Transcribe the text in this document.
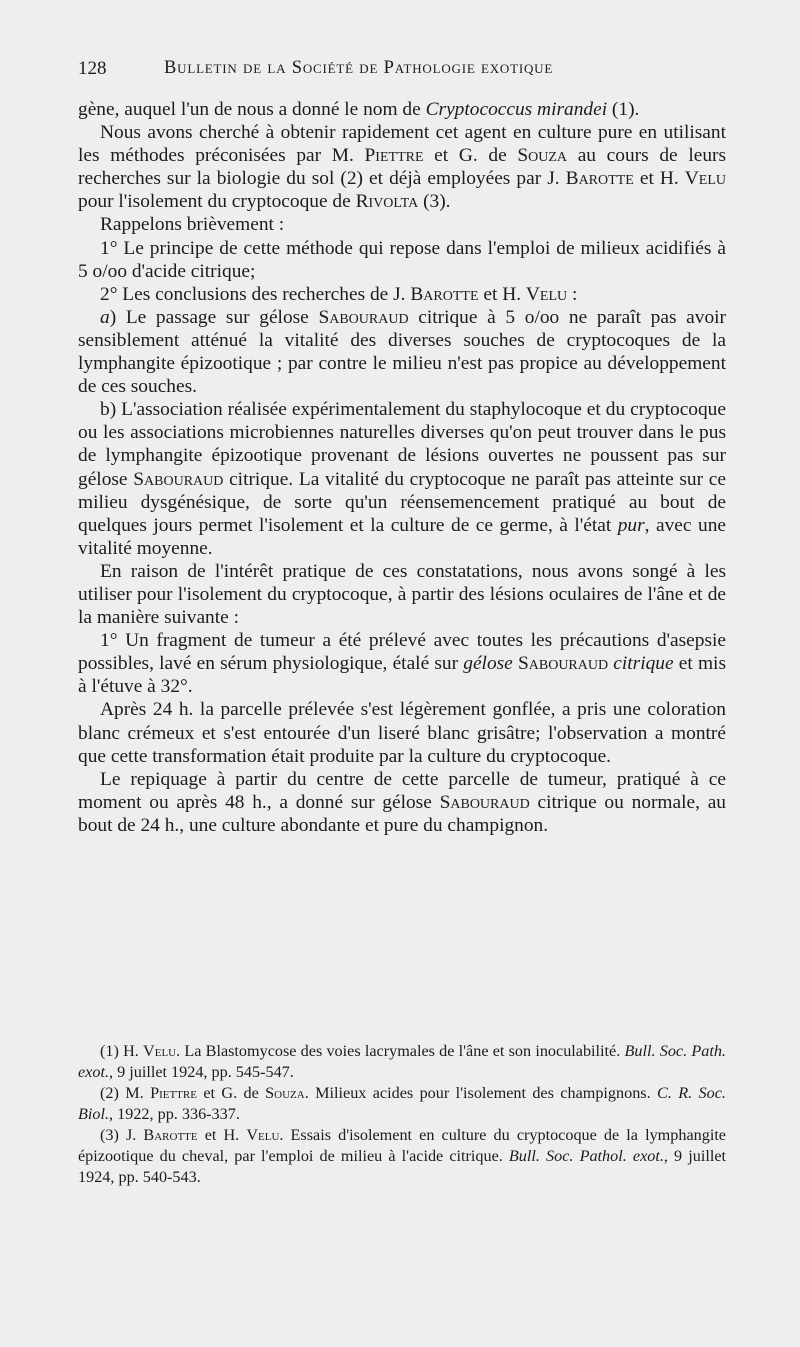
128	Bulletin de la Société de Pathologie exotique

gène, auquel l'un de nous a donné le nom de Cryptococcus mirandei (1).

Nous avons cherché à obtenir rapidement cet agent en culture pure en utilisant les méthodes préconisées par M. Piettre et G. de Souza au cours de leurs recherches sur la biologie du sol (2) et déjà employées par J. Barotte et H. Velu pour l'isolement du cryptocoque de Rivolta (3).

Rappelons brièvement :

1° Le principe de cette méthode qui repose dans l'emploi de milieux acidifiés à 5 o/oo d'acide citrique;

2° Les conclusions des recherches de J. Barotte et H. Velu :

a) Le passage sur gélose Sabouraud citrique à 5 o/oo ne paraît pas avoir sensiblement atténué la vitalité des diverses souches de cryptocoques de la lymphangite épizootique ; par contre le milieu n'est pas propice au développement de ces souches.

b) L'association réalisée expérimentalement du staphylocoque et du cryptocoque ou les associations microbiennes naturelles diverses qu'on peut trouver dans le pus de lymphangite épizootique provenant de lésions ouvertes ne poussent pas sur gélose Sabouraud citrique. La vitalité du cryptocoque ne paraît pas atteinte sur ce milieu dysgénésique, de sorte qu'un réensemencement pratiqué au bout de quelques jours permet l'isolement et la culture de ce germe, à l'état pur, avec une vitalité moyenne.

En raison de l'intérêt pratique de ces constatations, nous avons songé à les utiliser pour l'isolement du cryptocoque, à partir des lésions oculaires de l'âne et de la manière suivante :

1° Un fragment de tumeur a été prélevé avec toutes les précautions d'asepsie possibles, lavé en sérum physiologique, étalé sur gélose Sabouraud citrique et mis à l'étuve à 32°.

Après 24 h. la parcelle prélevée s'est légèrement gonflée, a pris une coloration blanc crémeux et s'est entourée d'un liseré blanc grisâtre; l'observation a montré que cette transformation était produite par la culture du cryptocoque.

Le repiquage à partir du centre de cette parcelle de tumeur, pratiqué à ce moment ou après 48 h., a donné sur gélose Sabouraud citrique ou normale, au bout de 24 h., une culture abondante et pure du champignon.

(1) H. Velu. La Blastomycose des voies lacrymales de l'âne et son inoculabilité. Bull. Soc. Path. exot., 9 juillet 1924, pp. 545-547.

(2) M. Piettre et G. de Souza. Milieux acides pour l'isolement des champignons. C. R. Soc. Biol., 1922, pp. 336-337.

(3) J. Barotte et H. Velu. Essais d'isolement en culture du cryptocoque de la lymphangite épizootique du cheval, par l'emploi de milieu à l'acide citrique. Bull. Soc. Pathol. exot., 9 juillet 1924, pp. 540-543.
